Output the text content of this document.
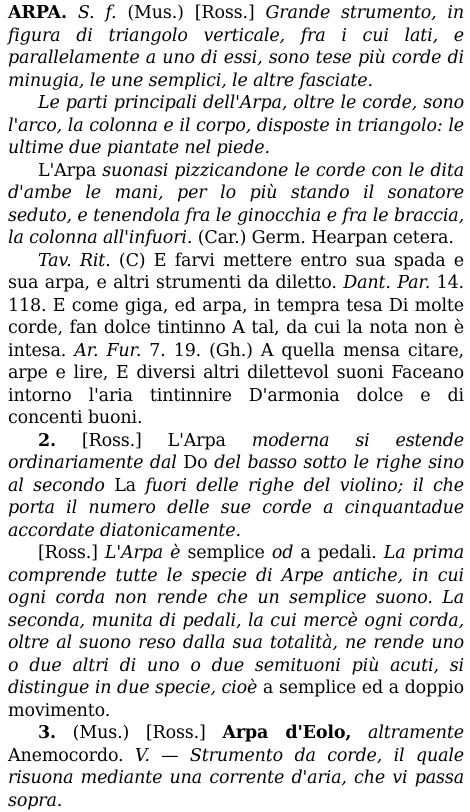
ARPA. S. f. (Mus.) [Ross.] Grande strumento, in figura di triangolo verticale, fra i cui lati, e parallelamente a uno di essi, sono tese più corde di minugia, le une semplici, le altre fasciate.

Le parti principali dell'Arpa, oltre le corde, sono l'arco, la colonna e il corpo, disposte in triangolo: le ultime due piantate nel piede.

L'Arpa suonasi pizzicandone le corde con le dita d'ambe le mani, per lo più stando il sonatore seduto, e tenendola fra le ginocchia e fra le braccia, la colonna all'infuori. (Car.) Germ. Hearpan cetera.

Tav. Rit. (C) E farvi mettere entro sua spada e sua arpa, e altri strumenti da diletto. Dant. Par. 14. 118. E come giga, ed arpa, in tempra tesa Di molte corde, fan dolce tintinno A tal, da cui la nota non è intesa. Ar. Fur. 7. 19. (Gh.) A quella mensa citare, arpe e lire, E diversi altri dilettevol suoni Faceano intorno l'aria tintinnire D'armonia dolce e di concenti buoni.

2. [Ross.] L'Arpa moderna si estende ordinariamente dal Do del basso sotto le righe sino al secondo La fuori delle righe del violino; il che porta il numero delle sue corde a cinquantadue accordate diatonicamente.

[Ross.] L'Arpa è semplice od a pedali. La prima comprende tutte le specie di Arpe antiche, in cui ogni corda non rende che un semplice suono. La seconda, munita di pedali, la cui mercè ogni corda, oltre al suono reso dalla sua totalità, ne rende uno o due altri di uno o due semituoni più acuti, si distingue in due specie, cioè a semplice ed a doppio movimento.

3. (Mus.) [Ross.] Arpa d'Eolo, altramente Anemocordo. V. — Strumento da corde, il quale risuona mediante una corrente d'aria, che vi passa sopra.
